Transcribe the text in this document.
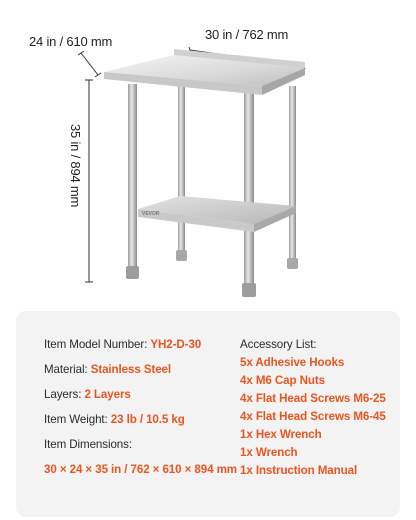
VEVOR
24 in / 610 mm	30 in / 762 mm
35 in / 894 mm
Item Model Number: YH2-D-30
Material: Stainless Steel
Layers: 2 Layers
Item Weight: 23 lb / 10.5 kg
Item Dimensions:
30 × 24 × 35 in / 762 × 610 × 894 mm
Accessory List:
5x Adhesive Hooks
4x M6 Cap Nuts
4x Flat Head Screws M6-25
4x Flat Head Screws M6-45
1x Hex Wrench
1x Wrench
1x Instruction Manual
